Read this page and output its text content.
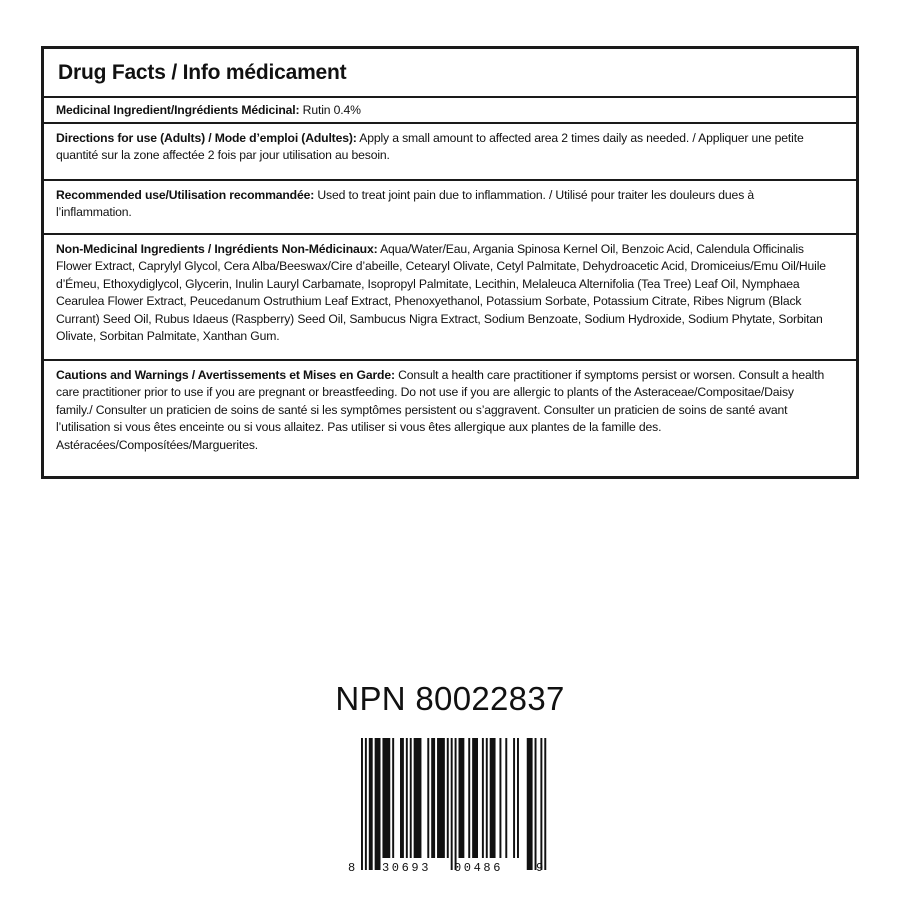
Drug Facts / Info médicament
Medicinal Ingredient/Ingrédients Médicinal: Rutin 0.4%
Directions for use (Adults) / Mode d’emploi (Adultes): Apply a small amount to affected area 2 times daily as needed. / Appliquer une petite quantité sur la zone affectée 2 fois par jour utilisation au besoin.
Recommended use/Utilisation recommandée: Used to treat joint pain due to inflammation. / Utilisé pour traiter les douleurs dues à l’inflammation.
Non-Medicinal Ingredients / Ingrédients Non-Médicinaux: Aqua/Water/Eau, Argania Spinosa Kernel Oil, Benzoic Acid, Calendula Officinalis Flower Extract, Caprylyl Glycol, Cera Alba/Beeswax/Cire d’abeille, Cetearyl Olivate, Cetyl Palmitate, Dehydroacetic Acid, Dromiceius/Emu Oil/Huile d’Émeu, Ethoxydiglycol, Glycerin, Inulin Lauryl Carbamate, Isopropyl Palmitate, Lecithin, Melaleuca Alternifolia (Tea Tree) Leaf Oil, Nymphaea Cearulea Flower Extract, Peucedanum Ostruthium Leaf Extract, Phenoxyethanol, Potassium Sorbate, Potassium Citrate, Ribes Nigrum (Black Currant) Seed Oil, Rubus Idaeus (Raspberry) Seed Oil, Sambucus Nigra Extract, Sodium Benzoate, Sodium Hydroxide, Sodium Phytate, Sorbitan Olivate, Sorbitan Palmitate, Xanthan Gum.
Cautions and Warnings / Avertissements et Mises en Garde: Consult a health care practitioner if symptoms persist or worsen. Consult a health care practitioner prior to use if you are pregnant or breastfeeding. Do not use if you are allergic to plants of the Asteraceae/Compositae/Daisy family./ Consulter un praticien de soins de santé si les symptômes persistent ou s’aggravent. Consulter un praticien de soins de santé avant l’utilisation si vous êtes enceinte ou si vous allaitez. Pas utiliser si vous êtes allergique aux plantes de la famille des. Astéracées/Composítées/Marguerites.
NPN 80022837
8 30693 00486	9
